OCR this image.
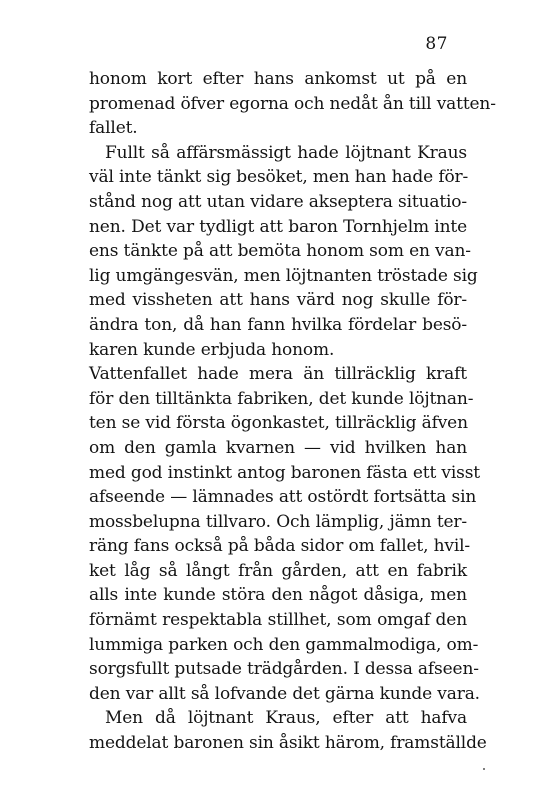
87
honom kort efter hans ankomst ut på en
promenad öfver egorna och nedåt ån till vatten-
fallet.
Fullt så affärsmässigt hade löjtnant Kraus
väl inte tänkt sig besöket, men han hade för-
stånd nog att utan vidare akseptera situatio-
nen. Det var tydligt att baron Tornhjelm inte
ens tänkte på att bemöta honom som en van-
lig umgängesvän, men löjtnanten tröstade sig
med vissheten att hans värd nog skulle för-
ändra ton, då han fann hvilka fördelar besö-
karen kunde erbjuda honom.
Vattenfallet hade mera än tillräcklig kraft
för den tilltänkta fabriken, det kunde löjtnan-
ten se vid första ögonkastet, tillräcklig äfven
om den gamla kvarnen — vid hvilken han
med god instinkt antog baronen fästa ett visst
afseende — lämnades att ostördt fortsätta sin
mossbelupna tillvaro. Och lämplig, jämn ter-
räng fans också på båda sidor om fallet, hvil-
ket låg så långt från gården, att en fabrik
alls inte kunde störa den något dåsiga, men
förnämt respektabla stillhet, som omgaf den
lummiga parken och den gammalmodiga, om-
sorgsfullt putsade trädgården. I dessa afseen-
den var allt så lofvande det gärna kunde vara.
Men då löjtnant Kraus, efter att hafva
meddelat baronen sin åsikt härom, framställde
